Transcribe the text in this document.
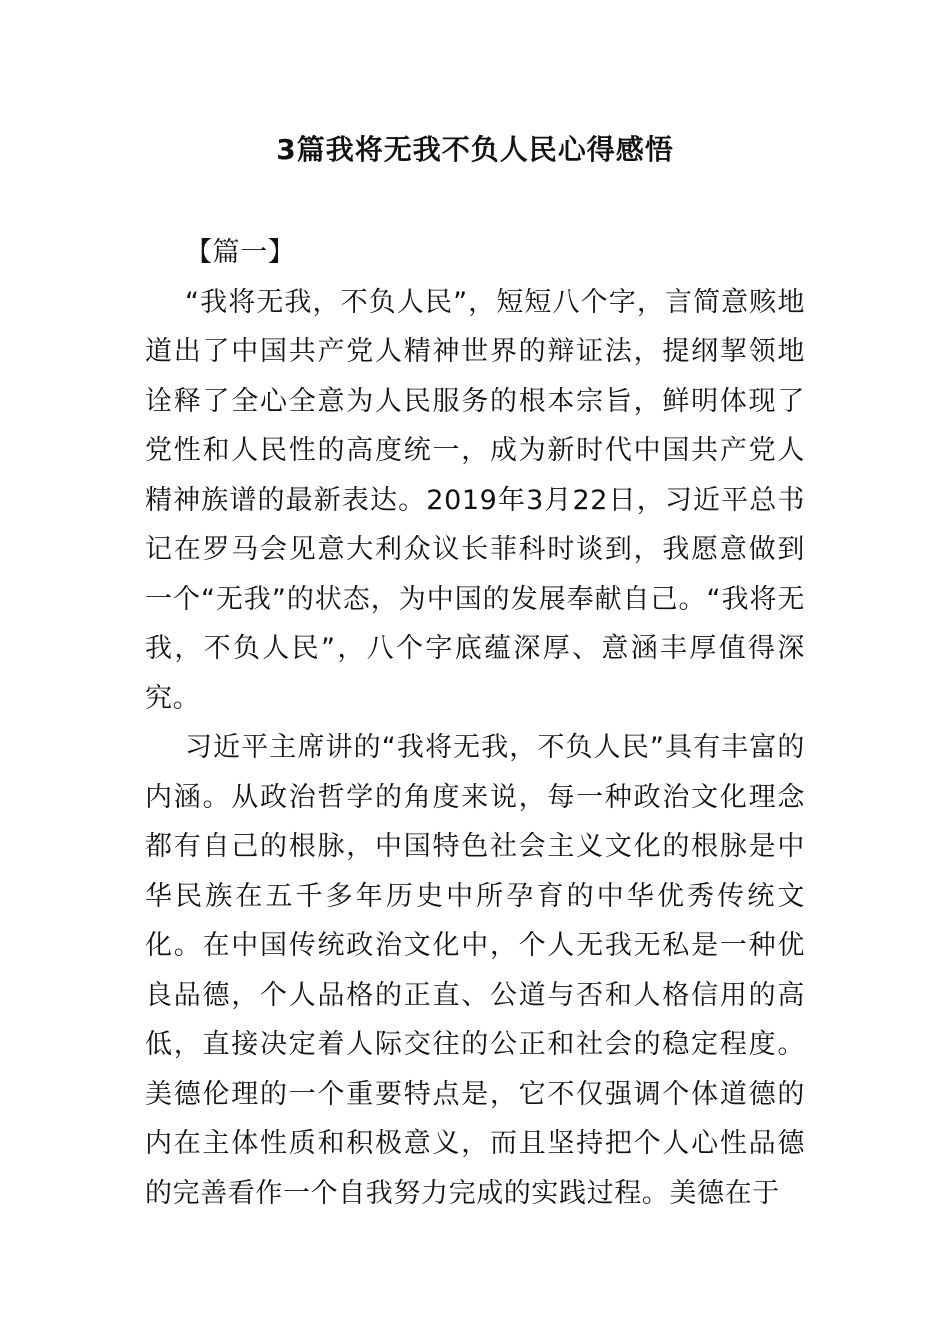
3篇我将无我不负人民心得感悟

【篇一】

“我将无我，不负人民”，短短八个字，言简意赅地道出了中国共产党人精神世界的辩证法，提纲挈领地诠释了全心全意为人民服务的根本宗旨，鲜明体现了党性和人民性的高度统一，成为新时代中国共产党人精神族谱的最新表达。2019年3月22日，习近平总书记在罗马会见意大利众议长菲科时谈到，我愿意做到一个“无我”的状态，为中国的发展奉献自己。“我将无我，不负人民”，八个字底蕴深厚、意涵丰厚值得深究。

习近平主席讲的“我将无我，不负人民”具有丰富的内涵。从政治哲学的角度来说，每一种政治文化理念都有自己的根脉，中国特色社会主义文化的根脉是中华民族在五千多年历史中所孕育的中华优秀传统文化。在中国传统政治文化中，个人无我无私是一种优良品德，个人品格的正直、公道与否和人格信用的高低，直接决定着人际交往的公正和社会的稳定程度。美德伦理的一个重要特点是，它不仅强调个体道德的内在主体性质和积极意义，而且坚持把个人心性品德的完善看作一个自我努力完成的实践过程。美德在于
